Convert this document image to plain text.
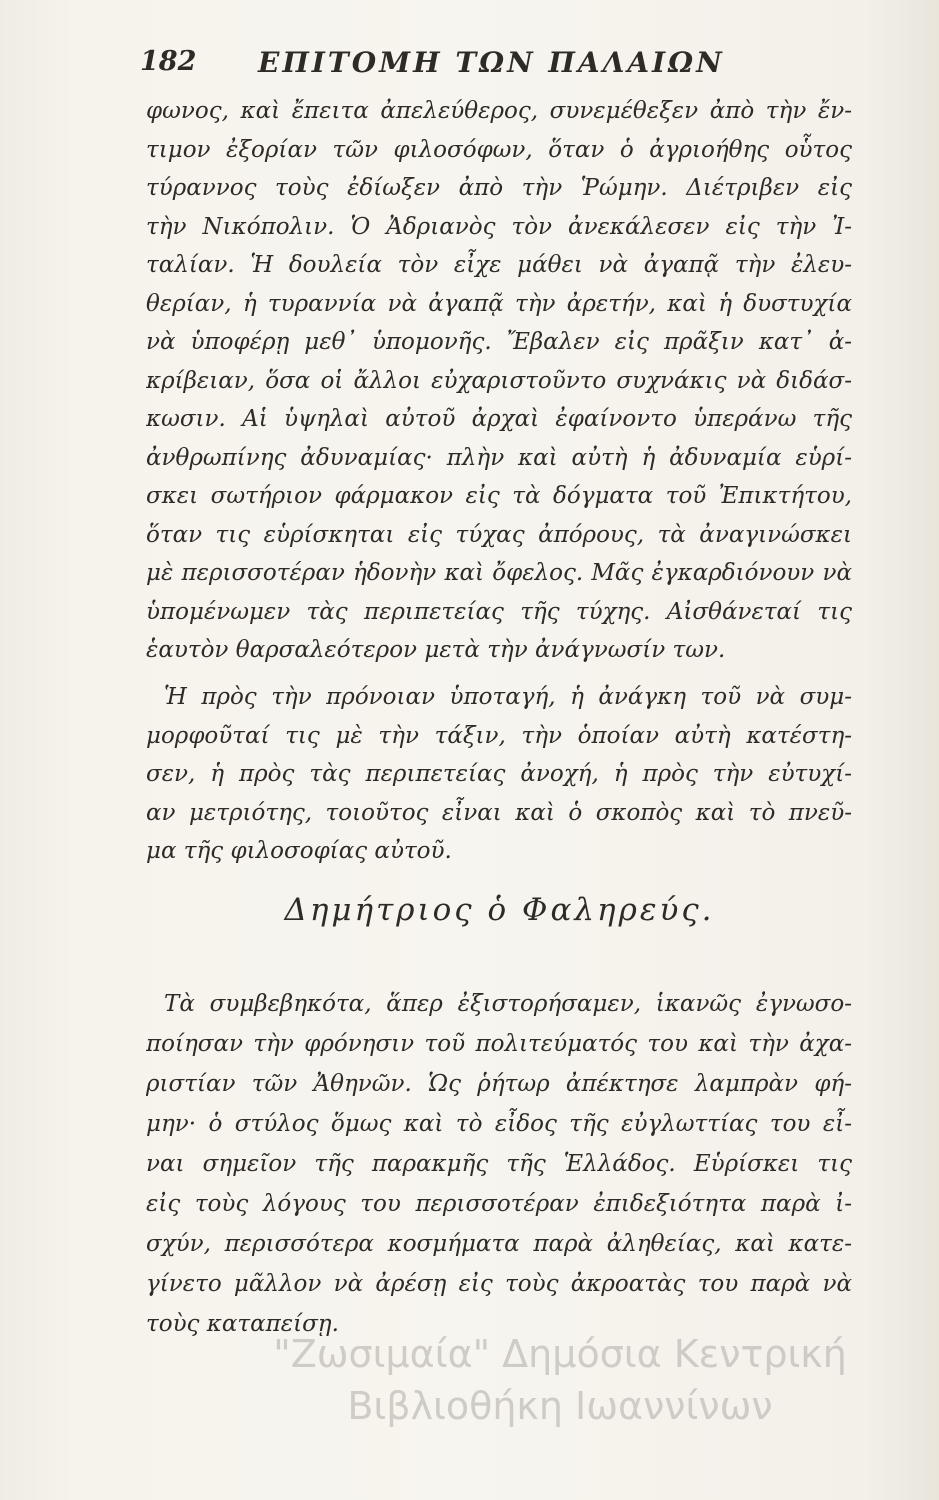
182 ΕΠΙΤΟΜΗ ΤΩΝ ΠΑΛΑΙΩΝ
φωνος, καὶ ἔπειτα ἀπελεύθερος, συνεμέθεξεν ἀπὸ τὴν ἔν-
τιμον ἐξορίαν τῶν φιλοσόφων, ὅταν ὁ ἀγριοήθης οὗτος
τύραννος τοὺς ἐδίωξεν ἀπὸ τὴν Ῥώμην. Διέτριβεν εἰς
τὴν Νικόπολιν. Ὁ Ἀδριανὸς τὸν ἀνεκάλεσεν εἰς τὴν Ἰ-
ταλίαν. Ἡ δουλεία τὸν εἶχε μάθει νὰ ἀγαπᾷ τὴν ἐλευ-
θερίαν, ἡ τυραννία νὰ ἀγαπᾷ τὴν ἀρετήν, καὶ ἡ δυστυχία
νὰ ὑποφέρῃ μεθ᾽ ὑπομονῆς. Ἔβαλεν εἰς πρᾶξιν κατ᾽ ἀ-
κρίβειαν, ὅσα οἱ ἄλλοι εὐχαριστοῦντο συχνάκις νὰ διδάσ-
κωσιν. Αἱ ὑψηλαὶ αὐτοῦ ἀρχαὶ ἐφαίνοντο ὑπεράνω τῆς
ἀνθρωπίνης ἀδυναμίας· πλὴν καὶ αὐτὴ ἡ ἀδυναμία εὑρί-
σκει σωτήριον φάρμακον εἰς τὰ δόγματα τοῦ Ἐπικτήτου,
ὅταν τις εὑρίσκηται εἰς τύχας ἀπόρους, τὰ ἀναγινώσκει
μὲ περισσοτέραν ἡδονὴν καὶ ὄφελος. Μᾶς ἐγκαρδιόνουν νὰ
ὑπομένωμεν τὰς περιπετείας τῆς τύχης. Αἰσθάνεταί τις
ἑαυτὸν θαρσαλεότερον μετὰ τὴν ἀνάγνωσίν των.
Ἡ πρὸς τὴν πρόνοιαν ὑποταγή, ἡ ἀνάγκη τοῦ νὰ συμ-
μορφοῦταί τις μὲ τὴν τάξιν, τὴν ὁποίαν αὐτὴ κατέστη-
σεν, ἡ πρὸς τὰς περιπετείας ἀνοχή, ἡ πρὸς τὴν εὐτυχί-
αν μετριότης, τοιοῦτος εἶναι καὶ ὁ σκοπὸς καὶ τὸ πνεῦ-
μα τῆς φιλοσοφίας αὐτοῦ.
Δημήτριος ὁ Φαληρεύς.
Τὰ συμβεβηκότα, ἅπερ ἐξιστορήσαμεν, ἱκανῶς ἐγνωσο-
ποίησαν τὴν φρόνησιν τοῦ πολιτεύματός του καὶ τὴν ἀχα-
ριστίαν τῶν Ἀθηνῶν. Ὡς ῥήτωρ ἀπέκτησε λαμπρὰν φή-
μην· ὁ στύλος ὅμως καὶ τὸ εἶδος τῆς εὐγλωττίας του εἶ-
ναι σημεῖον τῆς παρακμῆς τῆς Ἑλλάδος. Εὑρίσκει τις
εἰς τοὺς λόγους του περισσοτέραν ἐπιδεξιότητα παρὰ ἰ-
σχύν, περισσότερα κοσμήματα παρὰ ἀληθείας, καὶ κατε-
γίνετο μᾶλλον νὰ ἀρέσῃ εἰς τοὺς ἀκροατὰς του παρὰ νὰ
τοὺς καταπείσῃ.
"Ζωσιμαία" Δημόσια Κεντρική
Βιβλιοθήκη Ιωαννίνων
